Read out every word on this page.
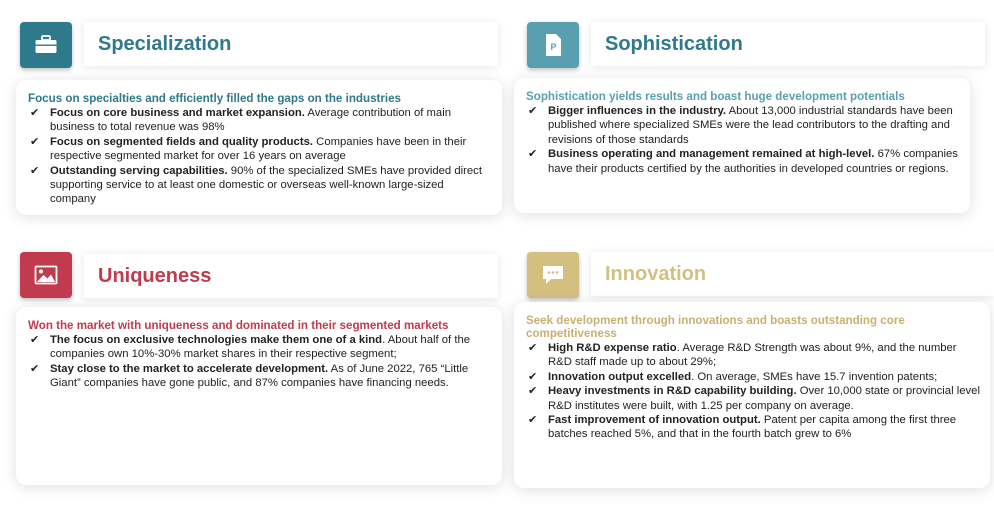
Specialization
Focus on specialties and efficiently filled the gaps on the industries
✔ Focus on core business and market expansion. Average contribution of main business to total revenue was 98%
✔ Focus on segmented fields and quality products. Companies have been in their respective segmented market for over 16 years on average
✔ Outstanding serving capabilities. 90% of the specialized SMEs have provided direct supporting service to at least one domestic or overseas well-known large-sized company
P	Sophistication
Sophistication yields results and boast huge development potentials
✔ Bigger influences in the industry. About 13,000 industrial standards have been published where specialized SMEs were the lead contributors to the drafting and revisions of those standards
✔ Business operating and management remained at high-level. 67% companies have their products certified by the authorities in developed countries or regions.
Uniqueness
Won the market with uniqueness and dominated in their segmented markets
✔ The focus on exclusive technologies make them one of a kind. About half of the companies own 10%-30% market shares in their respective segment;
✔ Stay close to the market to accelerate development. As of June 2022, 765 “Little Giant” companies have gone public, and 87% companies have financing needs.
Innovation
Seek development through innovations and boasts outstanding core competitiveness
✔ High R&D expense ratio. Average R&D Strength was about 9%, and the number R&D staff made up to about 29%;
✔ Innovation output excelled. On average, SMEs have 15.7 invention patents;
✔ Heavy investments in R&D capability building. Over 10,000 state or provincial level R&D institutes were built, with 1.25 per company on average.
✔ Fast improvement of innovation output. Patent per capita among the first three batches reached 5%, and that in the fourth batch grew to 6%
